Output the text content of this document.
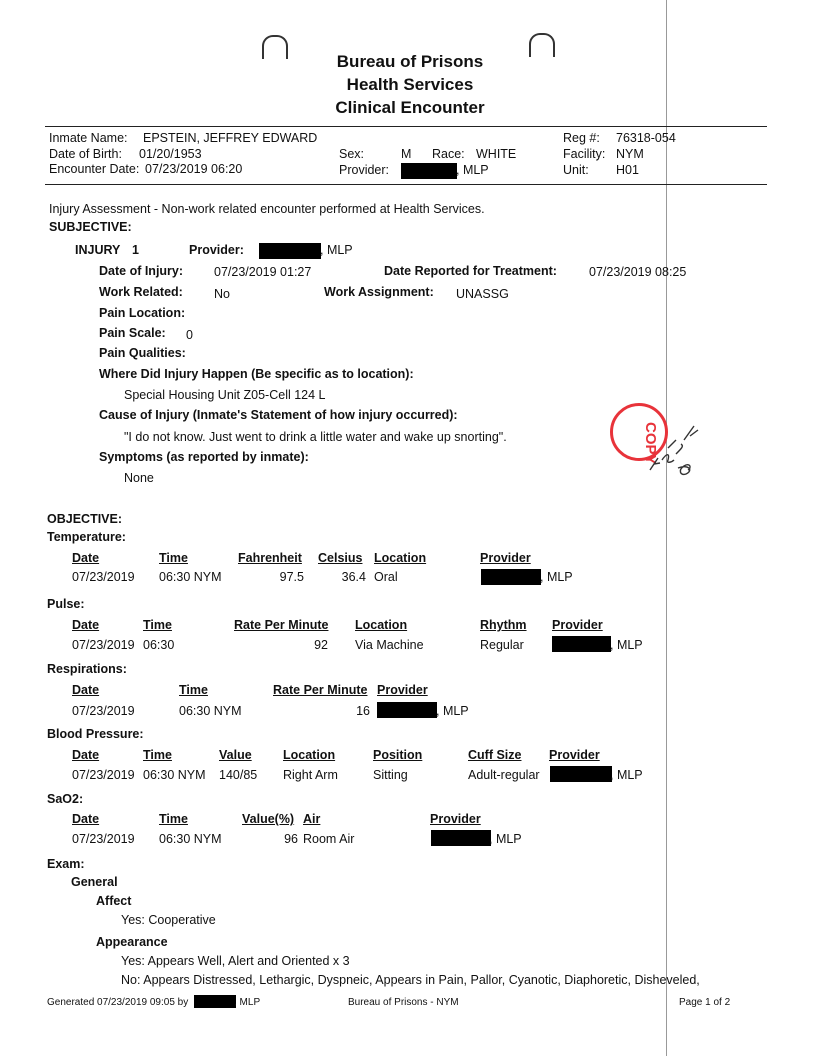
Bureau of Prisons
Health Services
Clinical Encounter
Inmate Name: EPSTEIN, JEFFREY EDWARD
Date of Birth: 01/20/1953
Encounter Date: 07/23/2019 06:20
Sex:	M Race: WHITE
Provider:	, MLP
Reg #: 76318-054
Facility: NYM
Unit: H01
Injury Assessment - Non-work related encounter performed at Health Services.
SUBJECTIVE:
INJURY 1	Provider:	, MLP
Date of Injury: 07/23/2019 01:27	Date Reported for Treatment:	07/23/2019 08:25
Work Related: No	Work Assignment: UNASSG
Pain Location:
Pain Scale: 0
Pain Qualities:
Where Did Injury Happen (Be specific as to location):
Special Housing Unit Z05-Cell 124 L
Cause of Injury (Inmate's Statement of how injury occurred):
"I do not know. Just went to drink a little water and wake up snorting".
Symptoms (as reported by inmate):
None
COPY
OBJECTIVE:
Temperature:
Date	Time	Fahrenheit Celsius Location	Provider
07/23/2019 06:30 NYM	97.5	36.4 Oral	, MLP
Pulse:
Date	Time	Rate Per Minute Location	Rhythm Provider
07/23/2019 06:30	92 Via Machine	Regular	, MLP
Respirations:
Date	Time	Rate Per Minute Provider
07/23/2019	06:30 NYM	16	, MLP
Blood Pressure:
Date	Time	Value	Location	Position	Cuff Size Provider
07/23/2019 06:30 NYM 140/85 Right Arm	Sitting	Adult-regular	, MLP
SaO2:
Date	Time	Value(%) Air	Provider
07/23/2019 06:30 NYM	96 Room Air	, MLP
Exam:
General
Affect
Yes: Cooperative
Appearance
Yes: Appears Well, Alert and Oriented x 3
No: Appears Distressed, Lethargic, Dyspneic, Appears in Pain, Pallor, Cyanotic, Diaphoretic, Disheveled,
Generated 07/23/2019 09:05 by	, MLP	Bureau of Prisons - NYM	Page 1 of 2
